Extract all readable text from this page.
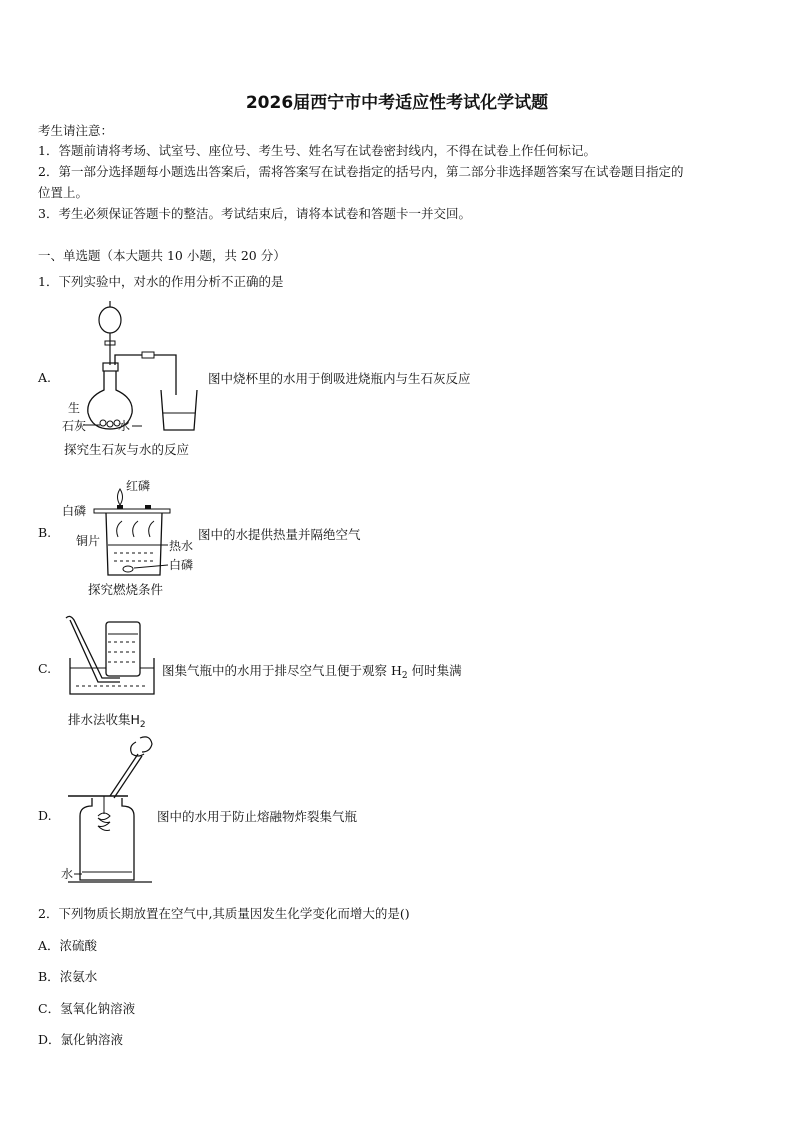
2026届西宁市中考适应性考试化学试题
考生请注意：
1．答题前请将考场、试室号、座位号、考生号、姓名写在试卷密封线内，不得在试卷上作任何标记。
2．第一部分选择题每小题选出答案后，需将答案写在试卷指定的括号内，第二部分非选择题答案写在试卷题目指定的
位置上。
3．考生必须保证答题卡的整洁。考试结束后，请将本试卷和答题卡一并交回。
一、单选题（本大题共 10 小题，共 20 分）
1．下列实验中，对水的作用分析不正确的是
A.
生
石灰	水
探究生石灰与水的反应
图中烧杯里的水用于倒吸进烧瓶内与生石灰反应
B.
红磷
白磷
铜片	热水
白磷
探究燃烧条件
图中的水提供热量并隔绝空气
C.
排水法收集$H_2$
图集气瓶中的水用于排尽空气且便于观察 $H_2$ 何时集满
D.
水
图中的水用于防止熔融物炸裂集气瓶
2．下列物质长期放置在空气中,其质量因发生化学变化而增大的是()
A．浓硫酸
B．浓氨水
C．氢氧化钠溶液
D．氯化钠溶液
